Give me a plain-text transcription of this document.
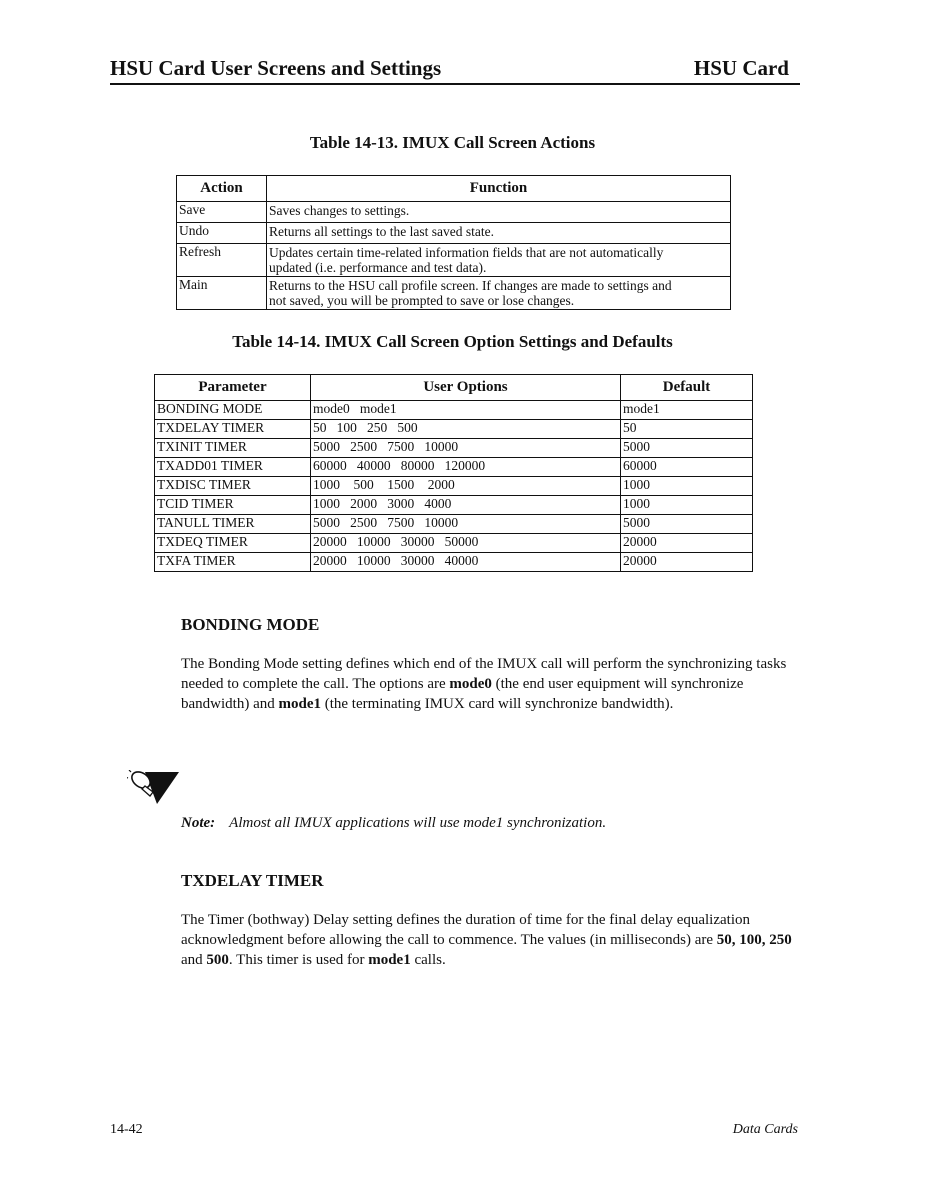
HSU Card User Screens and Settings	HSU Card
Table 14-13. IMUX Call Screen Actions
Action	Function
Save	Saves changes to settings.

Undo	Returns all settings to the last saved state.

Refresh	Updates certain time-related information fields that are not automatically
updated (i.e. performance and test data).

Main	Returns to the HSU call profile screen. If changes are made to settings and
not saved, you will be prompted to save or lose changes.
Table 14-14. IMUX Call Screen Option Settings and Defaults
Parameter	User Options	Default
BONDING MODE	mode0   mode1	mode1
TXDELAY TIMER	50   100   250   500	50
TXINIT TIMER	5000   2500   7500   10000	5000
TXADD01 TIMER	60000   40000   80000   120000	60000
TXDISC TIMER	1000    500    1500    2000	1000
TCID TIMER	1000   2000   3000   4000	1000
TANULL TIMER	5000   2500   7500   10000	5000
TXDEQ TIMER	20000   10000   30000   50000	20000
TXFA TIMER	20000   10000   30000   40000	20000
BONDING MODE
The Bonding Mode setting defines which end of the IMUX call will perform the synchronizing tasks needed to complete the call. The options are mode0 (the end user equipment will synchronize bandwidth) and mode1 (the terminating IMUX card will synchronize bandwidth).
Note: Almost all IMUX applications will use mode1 synchronization.
TXDELAY TIMER
The Timer (bothway) Delay setting defines the duration of time for the final delay equalization acknowledgment before allowing the call to commence. The values (in milliseconds) are 50, 100, 250 and 500. This timer is used for mode1 calls.
14-42	Data Cards
